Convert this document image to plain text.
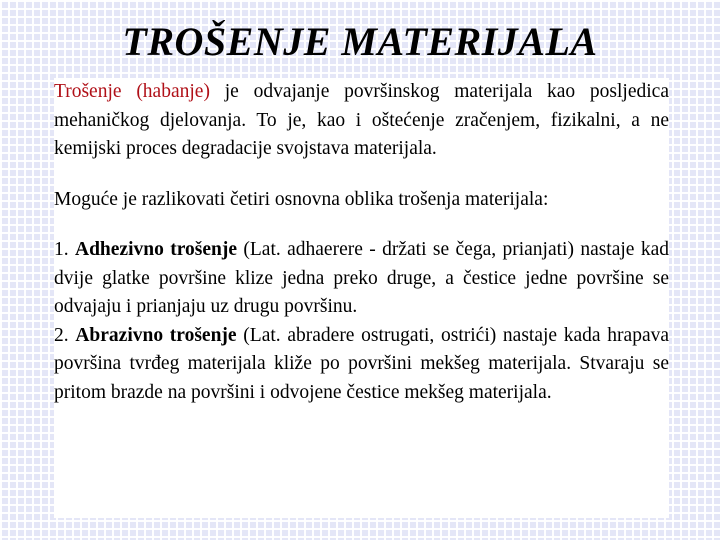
TROŠENJE MATERIJALA

Trošenje (habanje) je odvajanje površinskog materijala kao posljedica mehaničkog djelovanja. To je, kao i oštećenje zračenjem, fizikalni, a ne kemijski proces degradacije svojstava materijala.

Moguće je razlikovati četiri osnovna oblika trošenja materijala:

1. Adhezivno trošenje (Lat. adhaerere - držati se čega, prianjati) nastaje kad dvije glatke površine klize jedna preko druge, a čestice jedne površine se odvajaju i prianjaju uz drugu površinu.

2. Abrazivno trošenje (Lat. abradere ostrugati, ostrići) nastaje kada hrapava površina tvrđeg materijala kliže po površini mekšeg materijala. Stvaraju se pritom brazde na površini i odvojene čestice mekšeg materijala.
